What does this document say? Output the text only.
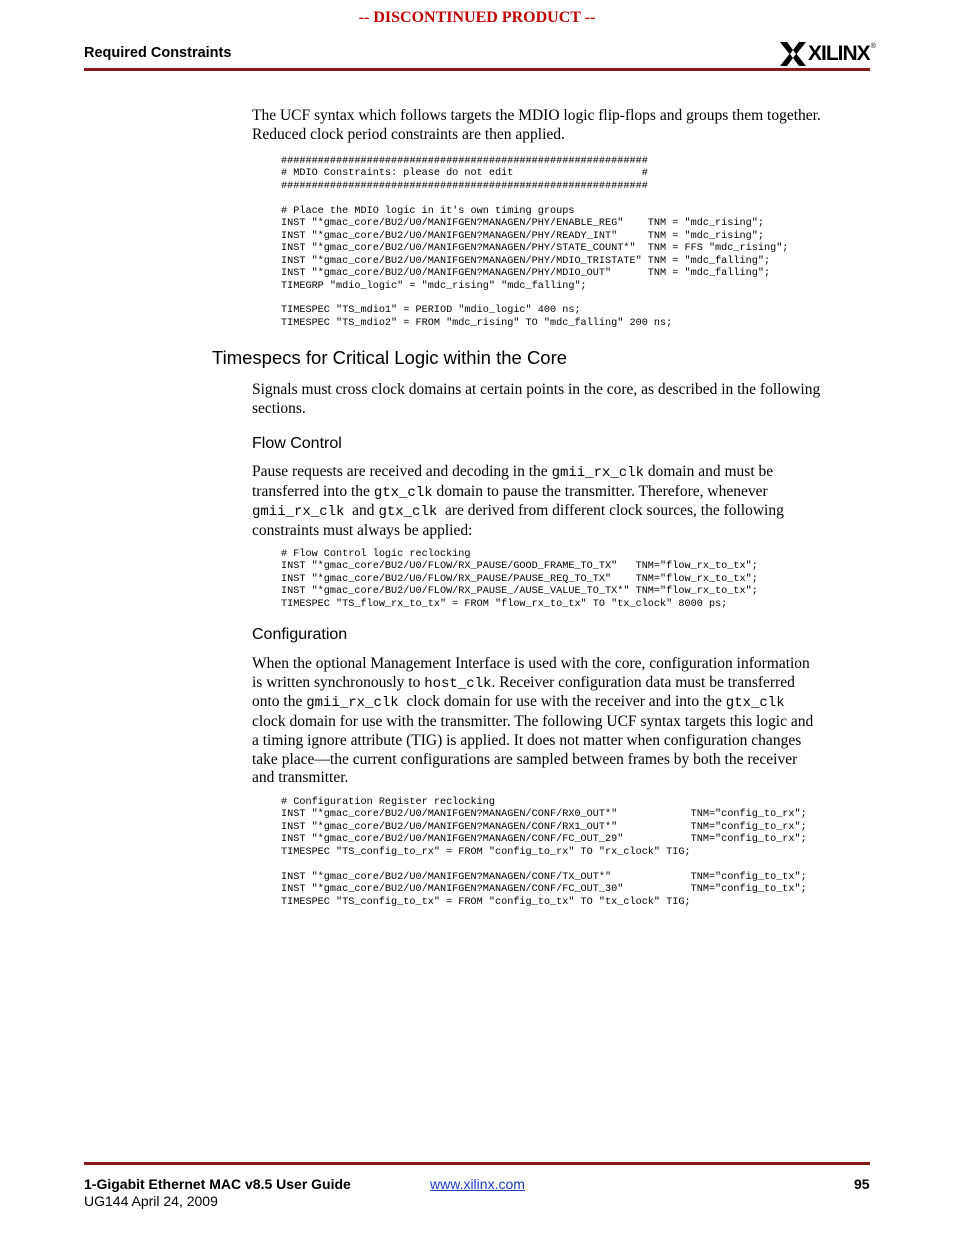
-- DISCONTINUED PRODUCT --
Required Constraints	XILINX ®
The UCF syntax which follows targets the MDIO logic flip-flops and groups them together.
Reduced clock period constraints are then applied.
############################################################
# MDIO Constraints: please do not edit                     #
############################################################

# Place the MDIO logic in it's own timing groups
INST "*gmac_core/BU2/U0/MANIFGEN?MANAGEN/PHY/ENABLE_REG"    TNM = "mdc_rising";
INST "*gmac_core/BU2/U0/MANIFGEN?MANAGEN/PHY/READY_INT"     TNM = "mdc_rising";
INST "*gmac_core/BU2/U0/MANIFGEN?MANAGEN/PHY/STATE_COUNT*"  TNM = FFS "mdc_rising";
INST "*gmac_core/BU2/U0/MANIFGEN?MANAGEN/PHY/MDIO_TRISTATE" TNM = "mdc_falling";
INST "*gmac_core/BU2/U0/MANIFGEN?MANAGEN/PHY/MDIO_OUT"      TNM = "mdc_falling";
TIMEGRP "mdio_logic" = "mdc_rising" "mdc_falling";

TIMESPEC "TS_mdio1" = PERIOD "mdio_logic" 400 ns;
TIMESPEC "TS_mdio2" = FROM "mdc_rising" TO "mdc_falling" 200 ns;
Timespecs for Critical Logic within the Core
Signals must cross clock domains at certain points in the core, as described in the following
sections.
Flow Control
Pause requests are received and decoding in the gmii_rx_clk domain and must be
transferred into the gtx_clk domain to pause the transmitter. Therefore, whenever
gmii_rx_clk  and gtx_clk  are derived from different clock sources, the following
constraints must always be applied:
# Flow Control logic reclocking
INST "*gmac_core/BU2/U0/FLOW/RX_PAUSE/GOOD_FRAME_TO_TX"   TNM="flow_rx_to_tx";
INST "*gmac_core/BU2/U0/FLOW/RX_PAUSE/PAUSE_REQ_TO_TX"    TNM="flow_rx_to_tx";
INST "*gmac_core/BU2/U0/FLOW/RX_PAUSE_/AUSE_VALUE_TO_TX*" TNM="flow_rx_to_tx";
TIMESPEC "TS_flow_rx_to_tx" = FROM "flow_rx_to_tx" TO "tx_clock" 8000 ps;
Configuration
When the optional Management Interface is used with the core, configuration information
is written synchronously to host_clk. Receiver configuration data must be transferred
onto the gmii_rx_clk  clock domain for use with the receiver and into the gtx_clk
clock domain for use with the transmitter. The following UCF syntax targets this logic and
a timing ignore attribute (TIG) is applied. It does not matter when configuration changes
take place—the current configurations are sampled between frames by both the receiver
and transmitter.
# Configuration Register reclocking
INST "*gmac_core/BU2/U0/MANIFGEN?MANAGEN/CONF/RX0_OUT*"            TNM="config_to_rx";
INST "*gmac_core/BU2/U0/MANIFGEN?MANAGEN/CONF/RX1_OUT*"            TNM="config_to_rx";
INST "*gmac_core/BU2/U0/MANIFGEN?MANAGEN/CONF/FC_OUT_29"           TNM="config_to_rx";
TIMESPEC "TS_config_to_rx" = FROM "config_to_rx" TO "rx_clock" TIG;

INST "*gmac_core/BU2/U0/MANIFGEN?MANAGEN/CONF/TX_OUT*"             TNM="config_to_tx";
INST "*gmac_core/BU2/U0/MANIFGEN?MANAGEN/CONF/FC_OUT_30"           TNM="config_to_tx";
TIMESPEC "TS_config_to_tx" = FROM "config_to_tx" TO "tx_clock" TIG;
1-Gigabit Ethernet MAC v8.5 User Guide
UG144 April 24, 2009
www.xilinx.com	95
